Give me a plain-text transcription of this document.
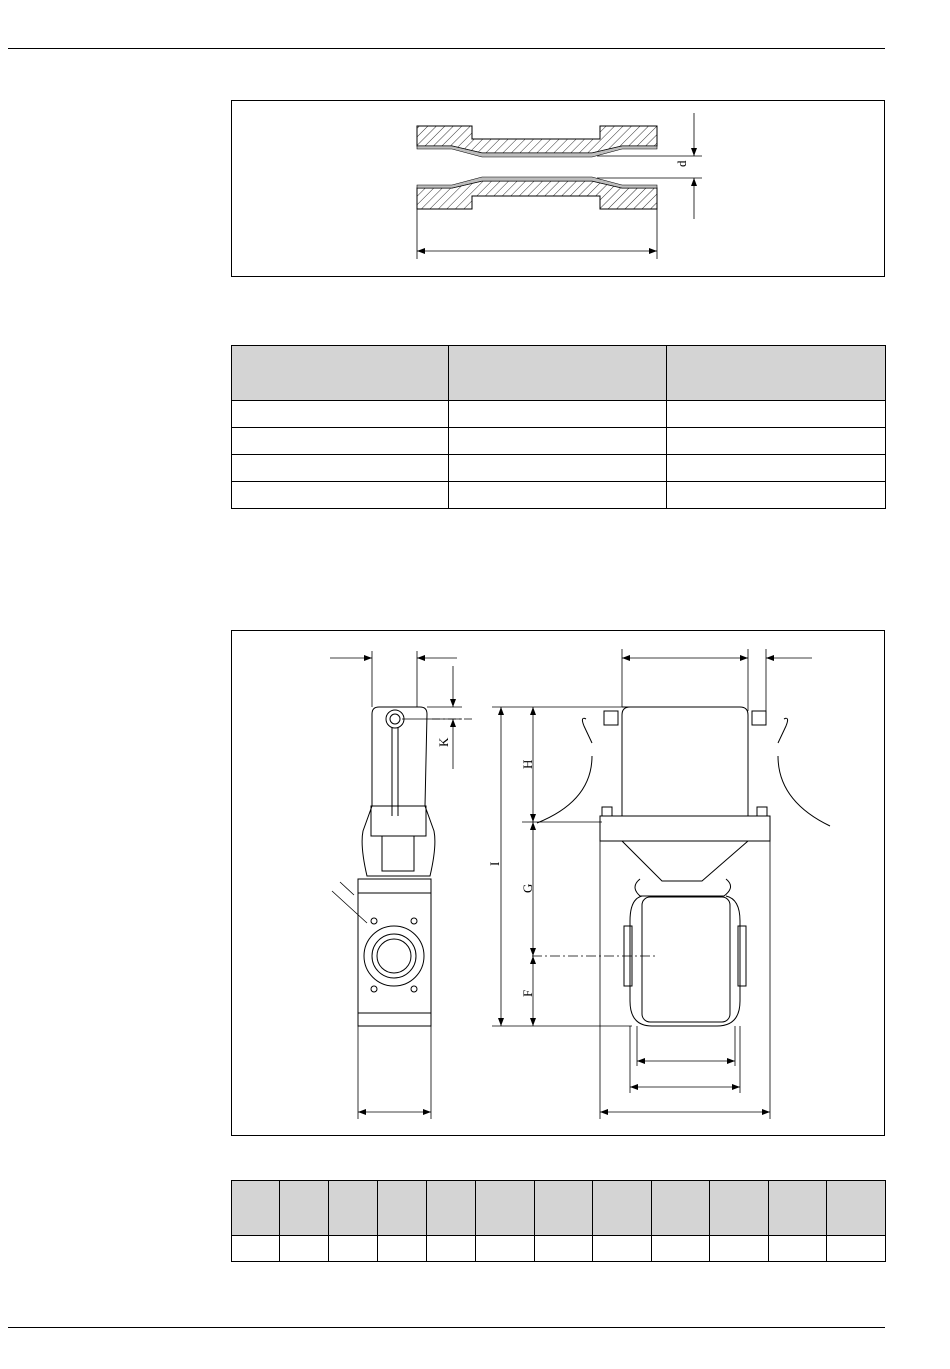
d

K
H
I
G
F
